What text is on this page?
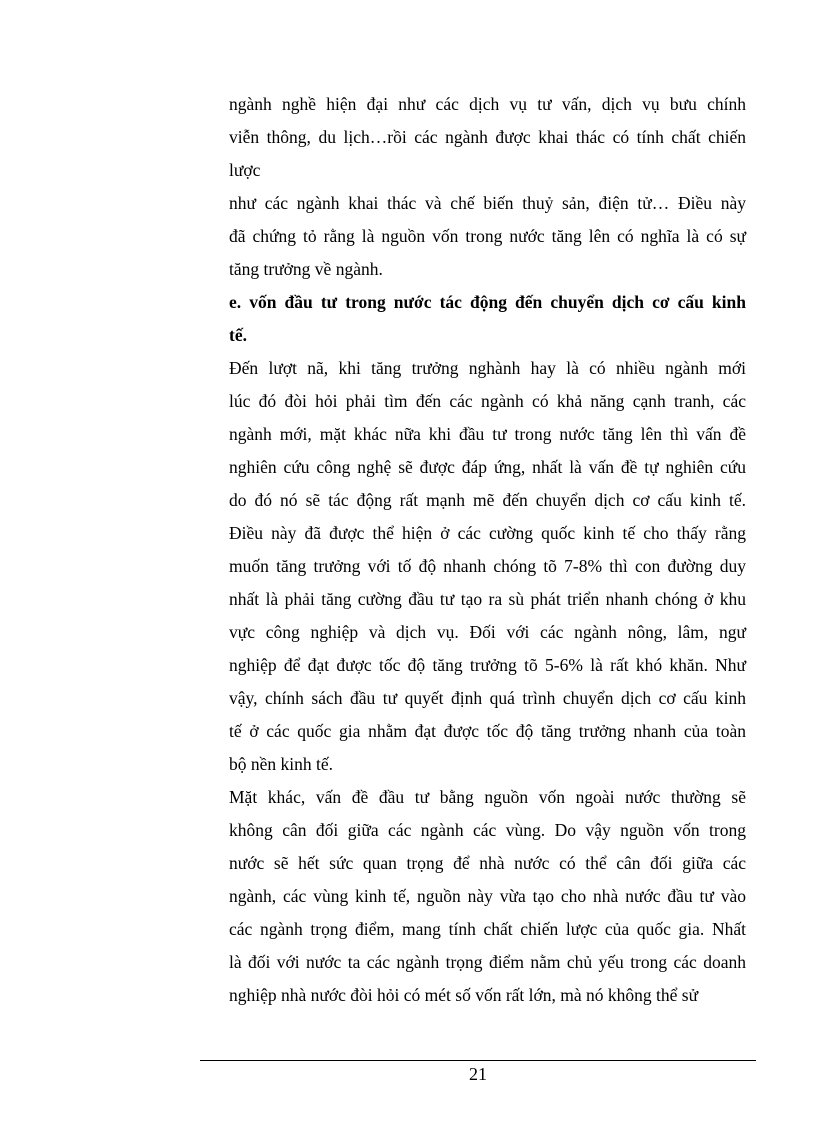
ngành nghề hiện đại như các dịch vụ tư vấn, dịch vụ bưu chính
viễn thông, du lịch…rồi các ngành được khai thác có tính chất chiến
lược
như các ngành khai thác và chế biến thuỷ sản, điện tử… Điều này
đã chứng tỏ rằng là nguồn vốn trong nước tăng lên có nghĩa là có sự
tăng trưởng về ngành.
e. vốn đầu tư trong nước tác động đến chuyển dịch cơ cấu kinh
tế.
Đến lượt nã, khi tăng trưởng nghành hay là có nhiều ngành mới
lúc đó đòi hỏi phải tìm đến các ngành có khả năng cạnh tranh, các
ngành mới, mặt khác nữa khi đầu tư trong nước tăng lên thì vấn đề
nghiên cứu công nghệ sẽ được đáp ứng, nhất là vấn đề tự nghiên cứu
do đó nó sẽ tác động rất mạnh mẽ đến chuyển dịch cơ cấu kinh tế.
Điều này đã được thể hiện ở các cường quốc kinh tế cho thấy rằng
muốn tăng trưởng với tố độ nhanh chóng tõ 7-8% thì con đường duy
nhất là phải tăng cường đầu tư tạo ra sù phát triển nhanh chóng ở khu
vực công nghiệp và dịch vụ. Đối với các ngành nông, lâm, ngư
nghiệp để đạt được tốc độ tăng trưởng tõ 5-6% là rất khó khăn. Như
vậy, chính sách đầu tư quyết định quá trình chuyển dịch cơ cấu kinh
tế ở các quốc gia nhằm đạt được tốc độ tăng trưởng nhanh của toàn
bộ nền kinh tế.
Mặt khác, vấn đề đầu tư bằng nguồn vốn ngoài nước thường sẽ
không cân đối giữa các ngành các vùng. Do vậy nguồn vốn trong
nước sẽ hết sức quan trọng để nhà nước có thể cân đối giữa các
ngành, các vùng kinh tế, nguồn này vừa tạo cho nhà nước đầu tư vào
các ngành trọng điểm, mang tính chất chiến lược của quốc gia. Nhất
là đối với nước ta các ngành trọng điểm nằm chủ yếu trong các doanh
nghiệp nhà nước đòi hỏi có mét số vốn rất lớn, mà nó không thể sử
21
